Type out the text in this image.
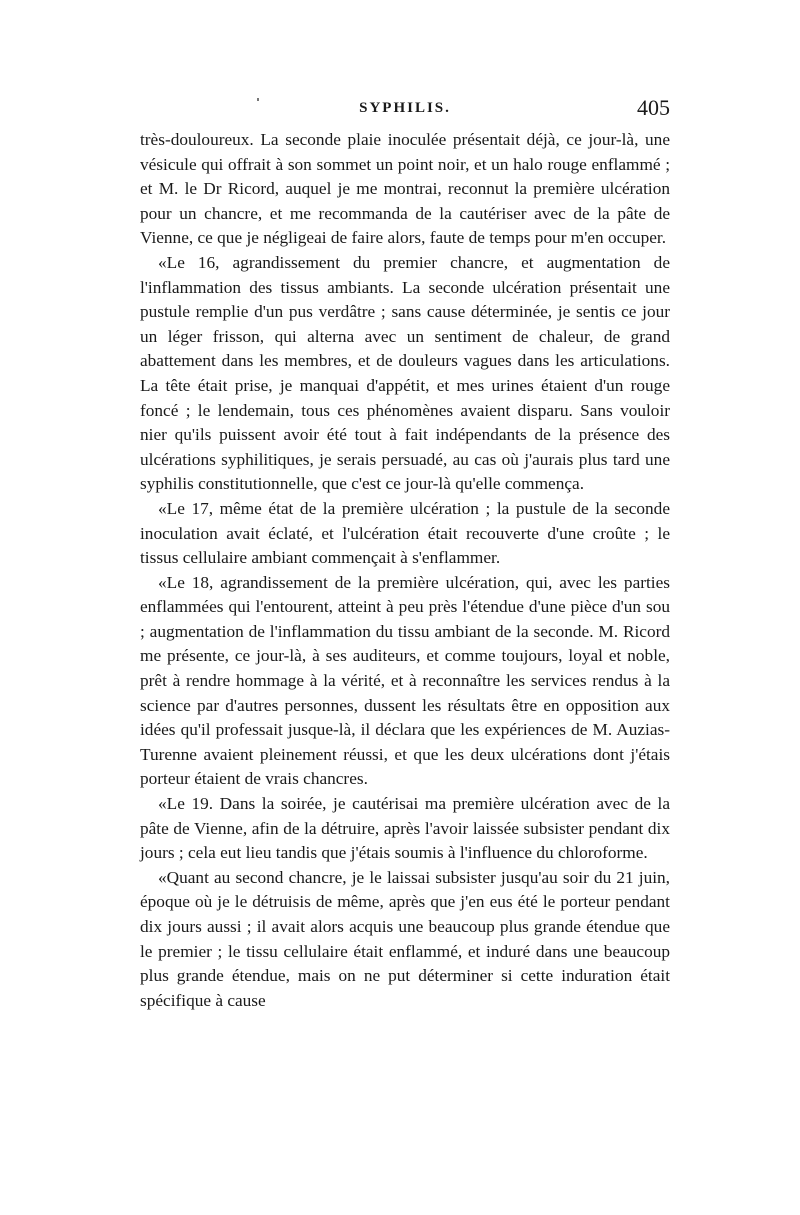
SYPHILIS.	405

très-douloureux. La seconde plaie inoculée présentait déjà, ce jour-là, une vésicule qui offrait à son sommet un point noir, et un halo rouge enflammé ; et M. le Dr Ricord, auquel je me montrai, reconnut la première ulcération pour un chancre, et me recommanda de la cautériser avec de la pâte de Vienne, ce que je négligeai de faire alors, faute de temps pour m'en occuper.

«Le 16, agrandissement du premier chancre, et augmentation de l'inflammation des tissus ambiants. La seconde ulcération présentait une pustule remplie d'un pus verdâtre ; sans cause déterminée, je sentis ce jour un léger frisson, qui alterna avec un sentiment de chaleur, de grand abattement dans les membres, et de douleurs vagues dans les articulations. La tête était prise, je manquai d'appétit, et mes urines étaient d'un rouge foncé ; le lendemain, tous ces phénomènes avaient disparu. Sans vouloir nier qu'ils puissent avoir été tout à fait indépendants de la présence des ulcérations syphilitiques, je serais persuadé, au cas où j'aurais plus tard une syphilis constitutionnelle, que c'est ce jour-là qu'elle commença.

«Le 17, même état de la première ulcération ; la pustule de la seconde inoculation avait éclaté, et l'ulcération était recouverte d'une croûte ; le tissus cellulaire ambiant commençait à s'enflammer.

«Le 18, agrandissement de la première ulcération, qui, avec les parties enflammées qui l'entourent, atteint à peu près l'étendue d'une pièce d'un sou ; augmentation de l'inflammation du tissu ambiant de la seconde. M. Ricord me présente, ce jour-là, à ses auditeurs, et comme toujours, loyal et noble, prêt à rendre hommage à la vérité, et à reconnaître les services rendus à la science par d'autres personnes, dussent les résultats être en opposition aux idées qu'il professait jusque-là, il déclara que les expériences de M. Auzias-Turenne avaient pleinement réussi, et que les deux ulcérations dont j'étais porteur étaient de vrais chancres.

«Le 19. Dans la soirée, je cautérisai ma première ulcération avec de la pâte de Vienne, afin de la détruire, après l'avoir laissée subsister pendant dix jours ; cela eut lieu tandis que j'étais soumis à l'influence du chloroforme.

«Quant au second chancre, je le laissai subsister jusqu'au soir du 21 juin, époque où je le détruisis de même, après que j'en eus été le porteur pendant dix jours aussi ; il avait alors acquis une beaucoup plus grande étendue que le premier ; le tissu cellulaire était enflammé, et induré dans une beaucoup plus grande étendue, mais on ne put déterminer si cette induration était spécifique à cause
